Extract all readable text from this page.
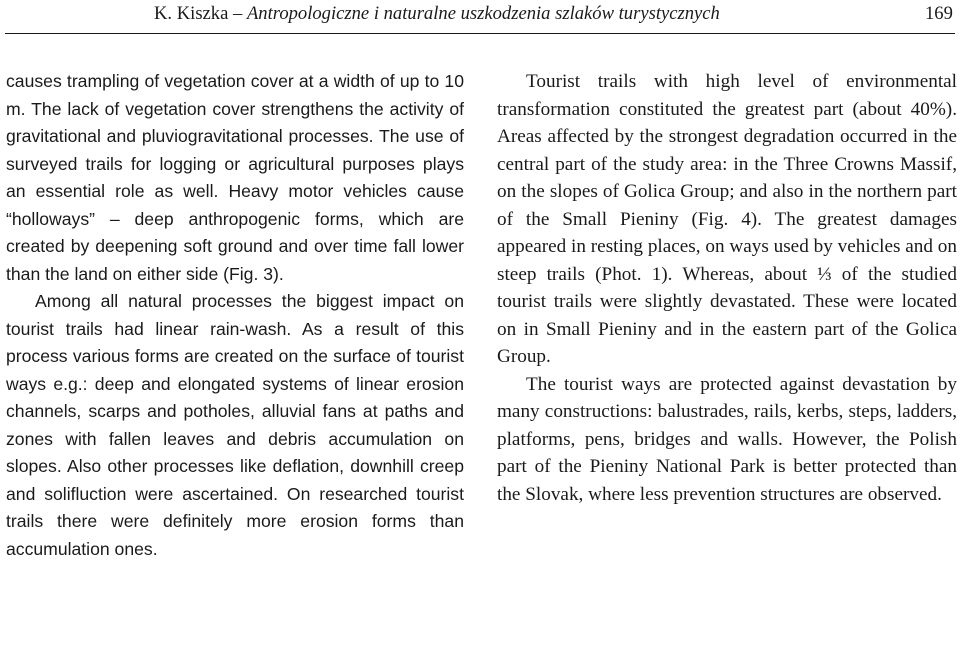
K. Kiszka – Antropologiczne i naturalne uszkodzenia szlaków turystycznych	169

causes trampling of vegetation cover at a width of up to 10 m. The lack of vegetation cover strengthens the activity of gravitational and pluviogravitational processes. The use of surveyed trails for logging or agricultural purposes plays an essential role as well. Heavy motor vehicles cause “holloways” – deep anthropogenic forms, which are created by deepening soft ground and over time fall lower than the land on either side (Fig. 3).

Among all natural processes the biggest impact on tourist trails had linear rain-wash. As a result of this process various forms are created on the surface of tourist ways e.g.: deep and elongated systems of linear erosion channels, scarps and potholes, alluvial fans at paths and zones with fallen leaves and debris accumulation on slopes. Also other processes like deflation, downhill creep and solifluction were ascertained. On researched tourist trails there were definitely more erosion forms than accumulation ones.

Tourist trails with high level of environmental transformation constituted the greatest part (about 40%). Areas affected by the strongest degradation occurred in the central part of the study area: in the Three Crowns Massif, on the slopes of Golica Group; and also in the northern part of the Small Pieniny (Fig. 4). The greatest damages appeared in resting places, on ways used by vehicles and on steep trails (Phot. 1). Whereas, about ⅓ of the studied tourist trails were slightly devastated. These were located on in Small Pieniny and in the eastern part of the Golica Group.

The tourist ways are protected against devastation by many constructions: balustrades, rails, kerbs, steps, ladders, platforms, pens, bridges and walls. However, the Polish part of the Pieniny National Park is better protected than the Slovak, where less prevention structures are observed.
